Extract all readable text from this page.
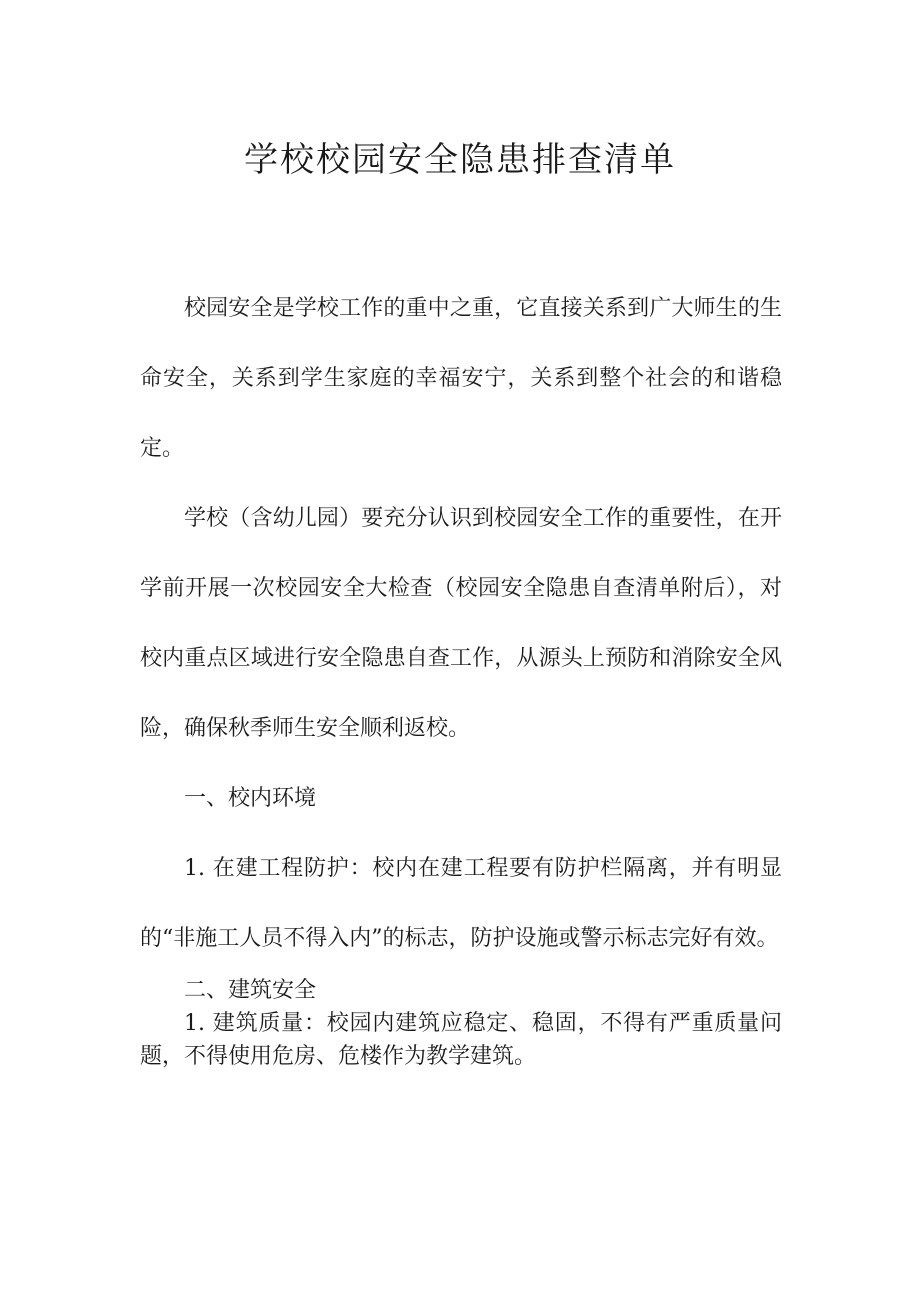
学校校园安全隐患排查清单

校园安全是学校工作的重中之重，它直接关系到广大师生的生命安全，关系到学生家庭的幸福安宁，关系到整个社会的和谐稳定。

学校（含幼儿园）要充分认识到校园安全工作的重要性，在开学前开展一次校园安全大检查（校园安全隐患自查清单附后），对校内重点区域进行安全隐患自查工作，从源头上预防和消除安全风险，确保秋季师生安全顺利返校。

一、校内环境

1. 在建工程防护：校内在建工程要有防护栏隔离，并有明显的“非施工人员不得入内”的标志，防护设施或警示标志完好有效。

二、建筑安全

1. 建筑质量：校园内建筑应稳定、稳固，不得有严重质量问题，不得使用危房、危楼作为教学建筑。
